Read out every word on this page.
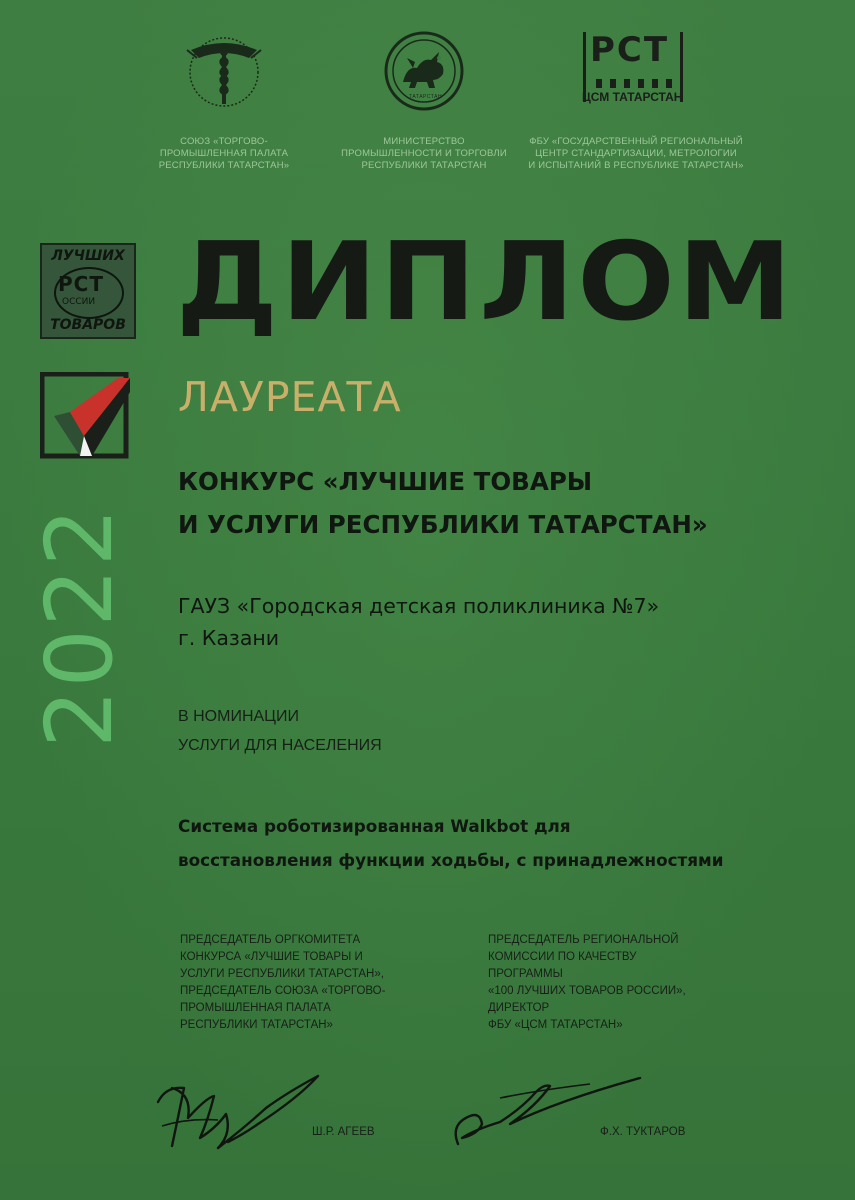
ТАТАРСТАН
РСТ
ЦСМ ТАТАРСТАН
СОЮЗ «ТОРГОВО-
ПРОМЫШЛЕННАЯ ПАЛАТА
РЕСПУБЛИКИ ТАТАРСТАН»
МИНИСТЕРСТВО
ПРОМЫШЛЕННОСТИ И ТОРГОВЛИ
РЕСПУБЛИКИ ТАТАРСТАН
ФБУ «ГОСУДАРСТВЕННЫЙ РЕГИОНАЛЬНЫЙ
ЦЕНТР СТАНДАРТИЗАЦИИ, МЕТРОЛОГИИ
И ИСПЫТАНИЙ В РЕСПУБЛИКЕ ТАТАРСТАН»
ЛУЧШИХ
РСТ
ОССИИ
ТОВАРОВ ДИПЛОМ
ЛАУРЕАТА
2022
КОНКУРС «ЛУЧШИЕ ТОВАРЫ
И УСЛУГИ РЕСПУБЛИКИ ТАТАРСТАН»
ГАУЗ «Городская детская поликлиника №7»
г. Казани
В НОМИНАЦИИ
УСЛУГИ ДЛЯ НАСЕЛЕНИЯ
Система роботизированная Walkbot для
восстановления функции ходьбы, с принадлежностями
ПРЕДСЕДАТЕЛЬ ОРГКОМИТЕТА
КОНКУРСА «ЛУЧШИЕ ТОВАРЫ И
УСЛУГИ РЕСПУБЛИКИ ТАТАРСТАН»,
ПРЕДСЕДАТЕЛЬ СОЮЗА «ТОРГОВО-
ПРОМЫШЛЕННАЯ ПАЛАТА
РЕСПУБЛИКИ ТАТАРСТАН»
ПРЕДСЕДАТЕЛЬ РЕГИОНАЛЬНОЙ
КОМИССИИ ПО КАЧЕСТВУ
ПРОГРАММЫ
«100 ЛУЧШИХ ТОВАРОВ РОССИИ»,
ДИРЕКТОР
ФБУ «ЦСМ ТАТАРСТАН»
Ш.Р. АГЕЕВ	Ф.Х. ТУКТАРОВ
